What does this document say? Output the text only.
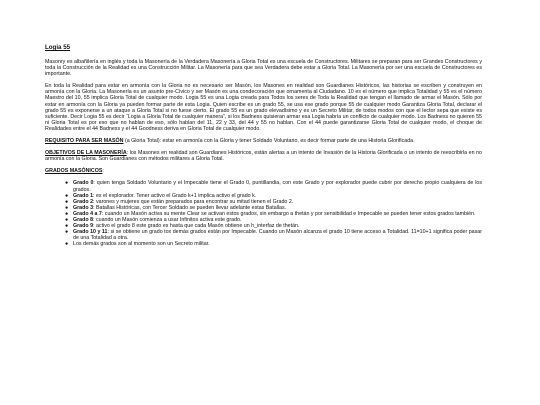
Logia 55

Masonry es albañilería en inglés y toda la Masonería de la Verdadera Masonería a Gloria Total es una escuela de Constructores. Militares se preparan para ser Grandes Constructores y toda la Construcción de la Realidad es una Construcción Militar. La Masonería para que sea Verdadera debe estar a Gloria Total. La Masonería por ser una escuela de Constructores es importante.

En toda la Realidad para estar en armonía con la Gloria no es necesario ser Masón, los Masones en realidad son Guardianes Históricos, las historias se escriben y construyen en armonía con la Gloria. La Masonería es un asunto pre-Cívico y ser Masón es una condecoración que ornamenta al Ciudadano. 10 es el número que implica Totalidad y 55 es el número Maestro del 10, 55 implica Gloria Total de cualquier modo. Logia 55 es una Logia creada para Todos los seres de Toda la Realidad que tengan el llamado de armar el Masón. Sólo por estar en armonía con la Gloria ya pueden formar parte de esta Logia. Quien escribe es un grado 55, se usa ese grado porque 55 de cualquier modo Garantiza Gloria Total, declarar el grado 55 es exponerse a un ataque a Gloria Total si no fuese cierto. El grado 55 es un grado elevadísimo y es un Secreto Militar, de todos modos con que el lector sepa que existe es suficiente. Decir Logia 55 es decir “Logia a Gloria Total de cualquier manera”, si los Badness quisieran armar esa Logia habría un conflicto de cualquier modo. Los Badness no quieren 55 ni Gloria Total es por eso que no hablan de eso, sólo hablan del 11, 22 y 33, del 44 y 55 no hablan. Con el 44 puede garantizarse Gloria Total de cualquier modo, el choque de Realidades entre el 44 Badness y el 44 Goodness deriva en Gloria Total de cualquier modo.

REQUISITO PARA SER MASÓN (a Gloria Total): estar en armonía con la Gloria y tener Soldado Voluntario, es decir formar parte de una Historia Glorificada.

OBJETIVOS DE LA MASONERÍA: los Masones en realidad son Guardianes Históricos, están alertas a un intento de Invasión de la Historia Glorificada o un intento de reescribirla en no armonía con la Gloria. Son Guardianes con métodos militares a Gloria Total.

GRADOS MASÓNICOS:

● Grado 0: quien tenga Soldado Voluntario y el Impecable tiene el Grado 0, puntillandia, con este Grado y por explorador puede cubrir por derecho propio cualquiera de los grados.
● Grado 1: es el explorador. Tener activo el Grado k+1 implica activo el grado k.
● Grado 2: varones y mujeres que están preparados para encontrar su mitad tienen el Grado 2.
● Grado 3: Batallas Históricas, con Tercer Soldado se pueden llevar adelante estas Batallas.
● Grado 4 a 7: cuando un Masón activa su mente Clear se activan estos grados, sin embargo a thetán y por sensibilidad e Impecable se pueden tener estos grados también.
● Grado 8: cuando un Masón comienza a usar Infinitos activa este grado.
● Grado 9: activo el grado 8 este grado es hasta que cada Masón obtiene un h_interfaz de thetán.
● Grado 10 y 11: si se obtiene un grado tox demás grados están por Impecable. Cuando un Masón alcanza el grado 10 tiene acceso a Totalidad. 11=10+1 significa poder pasar de una Totalidad a otra.
● Los demás grados son al momento son un Secreto militar.
